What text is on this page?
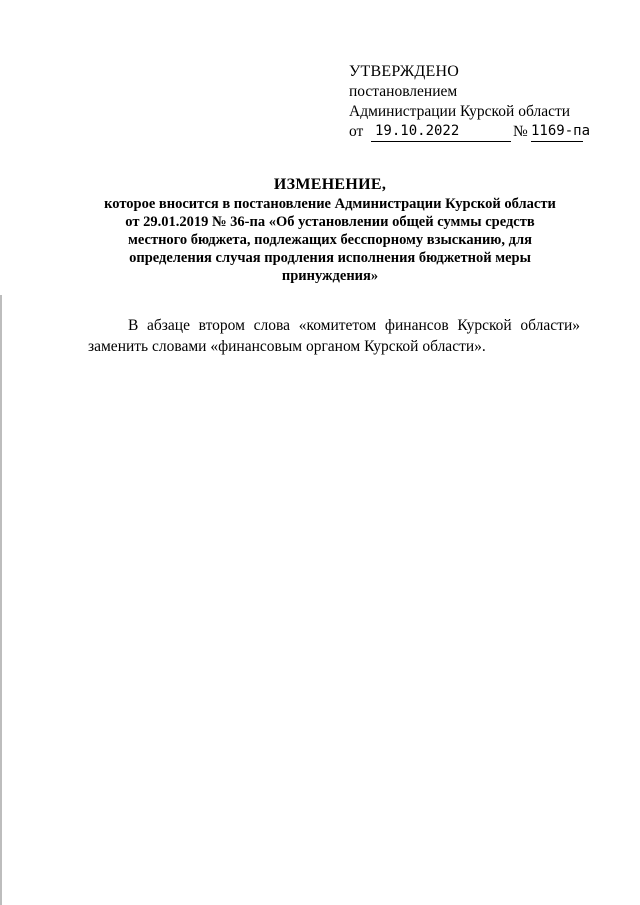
УТВЕРЖДЕНО
постановлением
Администрации Курской области
от 19.10.2022	№ 1169-па
ИЗМЕНЕНИЕ,
которое вносится в постановление Администрации Курской области
от 29.01.2019 № 36-па «Об установлении общей суммы средств
местного бюджета, подлежащих бесспорному взысканию, для
определения случая продления исполнения бюджетной меры
принуждения»
В абзаце втором слова «комитетом финансов Курской области»
заменить словами «финансовым органом Курской области».
